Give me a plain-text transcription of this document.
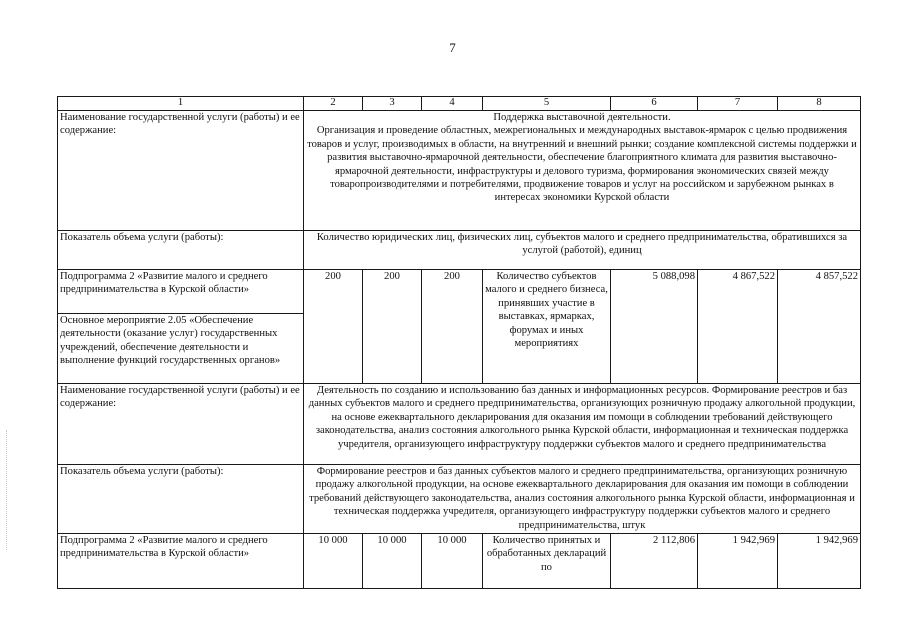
7
1	2	3	4	5	6	7	8
Наименование государственной услуги (работы) и ее содержание:	Поддержка выставочной деятельности.
Организация и проведение областных, межрегиональных и международных выставок-ярмарок с целью продвижения товаров и услуг, производимых в области, на внутренний и внешний рынки; создание комплексной системы поддержки и развития выставочно-ярмарочной деятельности, обеспечение благоприятного климата для развития выставочно-ярмарочной деятельности, инфраструктуры и делового туризма, формирования экономических связей между товаропроизводителями и потребителями, продвижение товаров и услуг на российском и зарубежном рынках в интересах экономики Курской области						

Показатель объема услуги (работы):	Количество юридических лиц, физических лиц, субъектов малого и среднего предпринимательства, обратившихся за услугой (работой), единиц						
Подпрограмма 2 «Развитие малого и среднего предпринимательства в Курской области»	200	200	200	Количество субъектов малого и среднего бизнеса, принявших участие в выставках, ярмарках, форумах и иных мероприятиях	5 088,098	4 867,522	4 857,522
Основное мероприятие 2.05 «Обеспечение деятельности (оказание услуг) государственных учреждений, обеспечение деятельности и выполнение функций государственных органов»							
Наименование государственной услуги (работы) и ее содержание:	Деятельность по созданию и использованию баз данных и информационных ресурсов. Формирование реестров и баз данных субъектов малого и среднего предпринимательства, организующих розничную продажу алкогольной продукции, на основе ежеквартального декларирования для оказания им помощи в соблюдении требований действующего законодательства, анализ состояния алкогольного рынка Курской области, информационная и техническая поддержка учредителя, организующего инфраструктуру поддержки субъектов малого и среднего предпринимательства						
Показатель объема услуги (работы):	Формирование реестров и баз данных субъектов малого и среднего предпринимательства, организующих розничную продажу алкогольной продукции, на основе ежеквартального декларирования для оказания им помощи в соблюдении требований действующего законодательства, анализ состояния алкогольного рынка Курской области, информационная и техническая поддержка учредителя, организующего инфраструктуру поддержки субъектов малого и среднего предпринимательства, штук						
Подпрограмма 2 «Развитие малого и среднего предпринимательства в Курской области»	10 000	10 000	10 000	Количество принятых и обработанных деклараций по	2 112,806	1 942,969	1 942,969
